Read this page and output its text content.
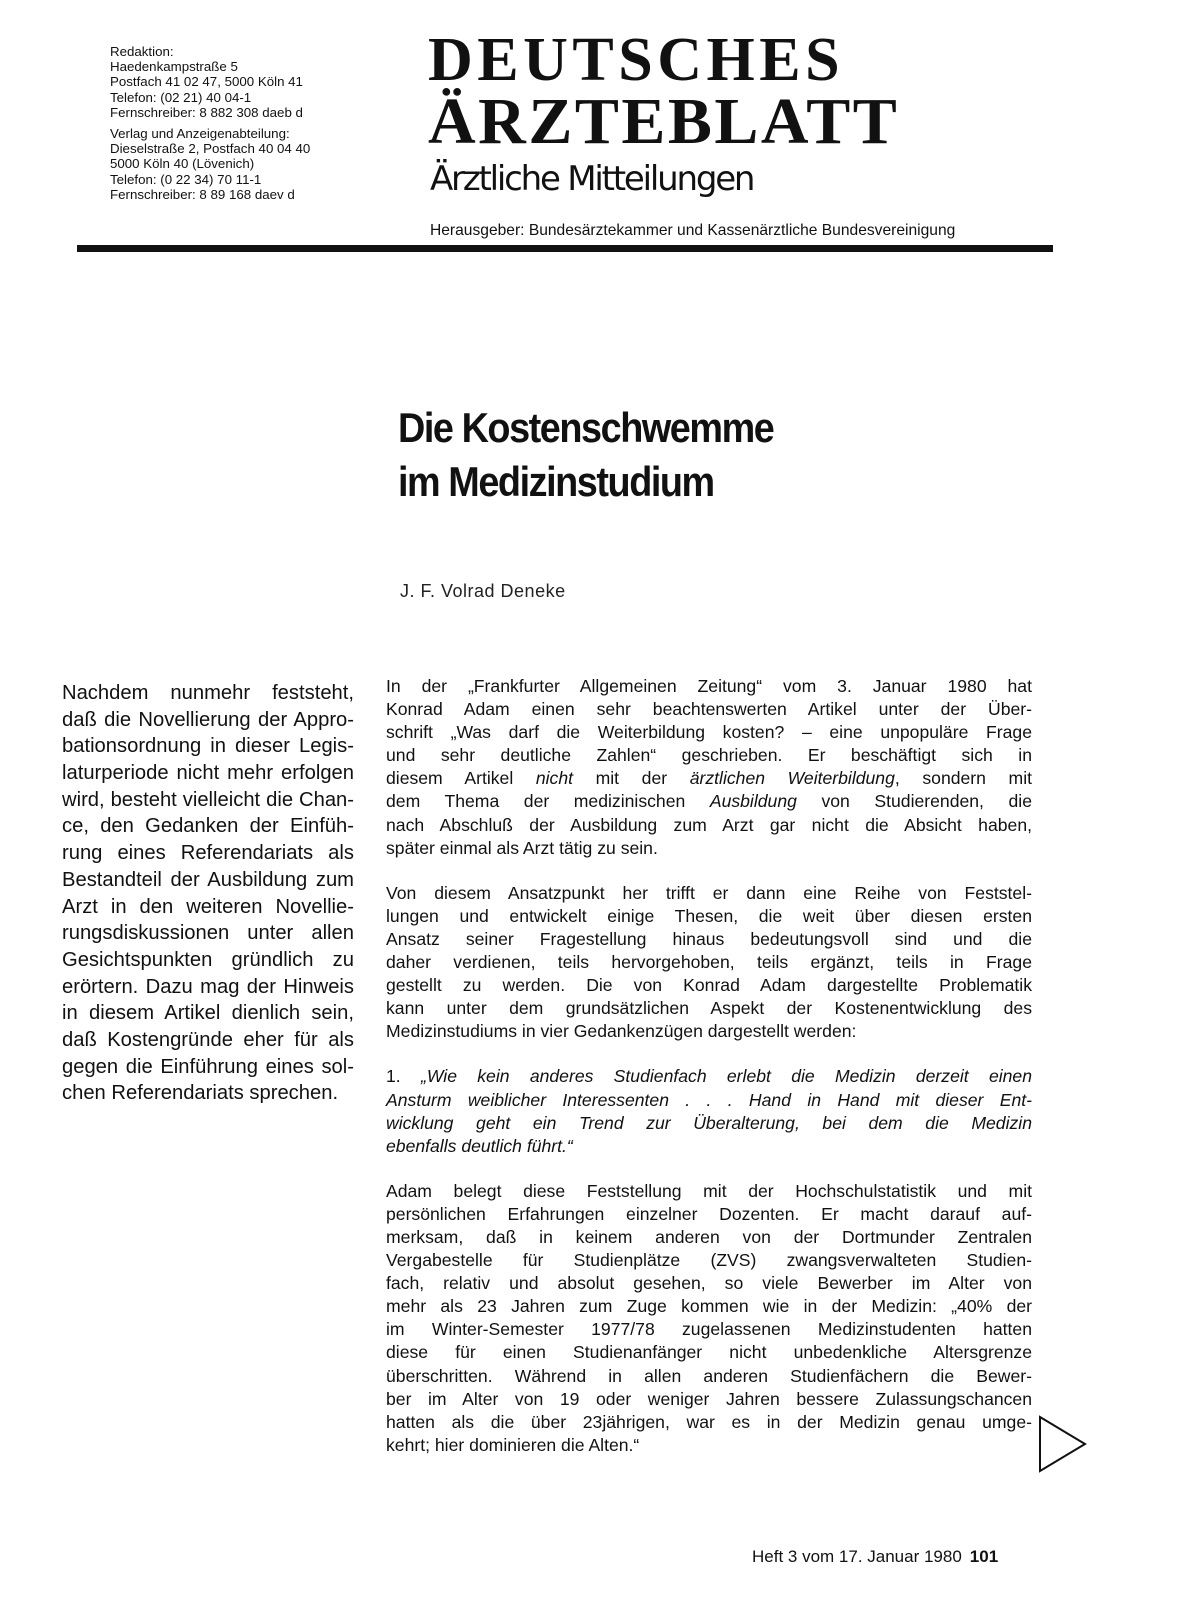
Redaktion:
Haedenkampstraße 5
Postfach 41 02 47, 5000 Köln 41
Telefon: (02 21) 40 04-1
Fernschreiber: 8 882 308 daeb d
Verlag und Anzeigenabteilung:
Dieselstraße 2, Postfach 40 04 40
5000 Köln 40 (Lövenich)
Telefon: (0 22 34) 70 11-1
Fernschreiber: 8 89 168 daev d
DEUTSCHES
ÄRZTEBLATT
Ärztliche Mitteilungen
Herausgeber: Bundesärztekammer und Kassenärztliche Bundesvereinigung
Die Kostenschwemme
im Medizinstudium
J. F. Volrad Deneke
Nachdem nunmehr feststeht,
daß die Novellierung der Appro-
bationsordnung in dieser Legis-
laturperiode nicht mehr erfolgen
wird, besteht vielleicht die Chan-
ce, den Gedanken der Einfüh-
rung eines Referendariats als
Bestandteil der Ausbildung zum
Arzt in den weiteren Novellie-
rungsdiskussionen unter allen
Gesichtspunkten gründlich zu
erörtern. Dazu mag der Hinweis
in diesem Artikel dienlich sein,
daß Kostengründe eher für als
gegen die Einführung eines sol-
chen Referendariats sprechen.
In der „Frankfurter Allgemeinen Zeitung“ vom 3. Januar 1980 hat
Konrad Adam einen sehr beachtenswerten Artikel unter der Über-
schrift „Was darf die Weiterbildung kosten? – eine unpopuläre Frage
und sehr deutliche Zahlen“ geschrieben. Er beschäftigt sich in
diesem Artikel nicht mit der ärztlichen Weiterbildung, sondern mit
dem Thema der medizinischen Ausbildung von Studierenden, die
nach Abschluß der Ausbildung zum Arzt gar nicht die Absicht haben,
später einmal als Arzt tätig zu sein.
Von diesem Ansatzpunkt her trifft er dann eine Reihe von Feststel-
lungen und entwickelt einige Thesen, die weit über diesen ersten
Ansatz seiner Fragestellung hinaus bedeutungsvoll sind und die
daher verdienen, teils hervorgehoben, teils ergänzt, teils in Frage
gestellt zu werden. Die von Konrad Adam dargestellte Problematik
kann unter dem grundsätzlichen Aspekt der Kostenentwicklung des
Medizinstudiums in vier Gedankenzügen dargestellt werden:
1. „Wie kein anderes Studienfach erlebt die Medizin derzeit einen
Ansturm weiblicher Interessenten . . . Hand in Hand mit dieser Ent-
wicklung geht ein Trend zur Überalterung, bei dem die Medizin
ebenfalls deutlich führt.“
Adam belegt diese Feststellung mit der Hochschulstatistik und mit
persönlichen Erfahrungen einzelner Dozenten. Er macht darauf auf-
merksam, daß in keinem anderen von der Dortmunder Zentralen
Vergabestelle für Studienplätze (ZVS) zwangsverwalteten Studien-
fach, relativ und absolut gesehen, so viele Bewerber im Alter von
mehr als 23 Jahren zum Zuge kommen wie in der Medizin: „40% der
im Winter-Semester 1977/78 zugelassenen Medizinstudenten hatten
diese für einen Studienanfänger nicht unbedenkliche Altersgrenze
überschritten. Während in allen anderen Studienfächern die Bewer-
ber im Alter von 19 oder weniger Jahren bessere Zulassungschancen
hatten als die über 23jährigen, war es in der Medizin genau umge-
kehrt; hier dominieren die Alten.“
Heft 3 vom 17. Januar 1980 101
